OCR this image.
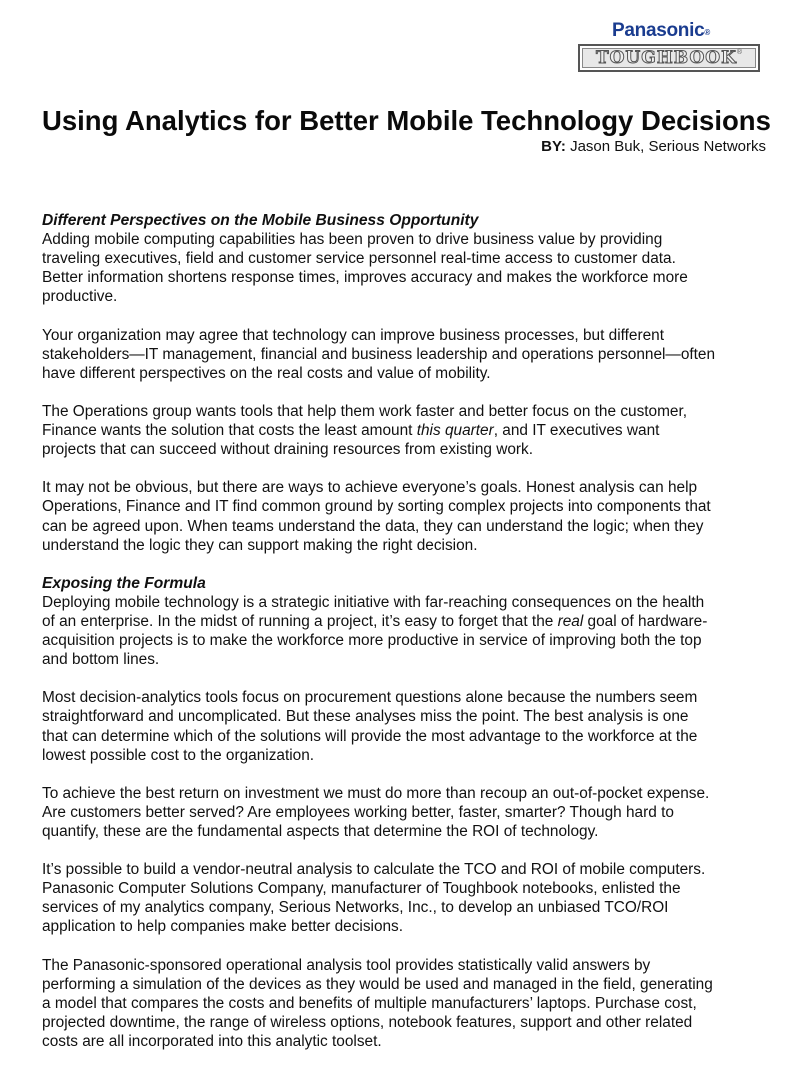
Panasonic®
TOUGHBOOK ®
Using Analytics for Better Mobile Technology Decisions
BY: Jason Buk, Serious Networks
Different Perspectives on the Mobile Business Opportunity

Adding mobile computing capabilities has been proven to drive business value by providing
traveling executives, field and customer service personnel real-time access to customer data.
Better information shortens response times, improves accuracy and makes the workforce more
productive.

Your organization may agree that technology can improve business processes, but different
stakeholders—IT management, financial and business leadership and operations personnel—often
have different perspectives on the real costs and value of mobility.

The Operations group wants tools that help them work faster and better focus on the customer,
Finance wants the solution that costs the least amount this quarter, and IT executives want
projects that can succeed without draining resources from existing work.

It may not be obvious, but there are ways to achieve everyone’s goals. Honest analysis can help
Operations, Finance and IT find common ground by sorting complex projects into components that
can be agreed upon. When teams understand the data, they can understand the logic; when they
understand the logic they can support making the right decision.

Exposing the Formula

Deploying mobile technology is a strategic initiative with far-reaching consequences on the health
of an enterprise. In the midst of running a project, it’s easy to forget that the real goal of hardware-
acquisition projects is to make the workforce more productive in service of improving both the top
and bottom lines.

Most decision-analytics tools focus on procurement questions alone because the numbers seem
straightforward and uncomplicated. But these analyses miss the point. The best analysis is one
that can determine which of the solutions will provide the most advantage to the workforce at the
lowest possible cost to the organization.

To achieve the best return on investment we must do more than recoup an out-of-pocket expense.
Are customers better served? Are employees working better, faster, smarter? Though hard to
quantify, these are the fundamental aspects that determine the ROI of technology.

It’s possible to build a vendor-neutral analysis to calculate the TCO and ROI of mobile computers.
Panasonic Computer Solutions Company, manufacturer of Toughbook notebooks, enlisted the
services of my analytics company, Serious Networks, Inc., to develop an unbiased TCO/ROI
application to help companies make better decisions.

The Panasonic-sponsored operational analysis tool provides statistically valid answers by
performing a simulation of the devices as they would be used and managed in the field, generating
a model that compares the costs and benefits of multiple manufacturers’ laptops. Purchase cost,
projected downtime, the range of wireless options, notebook features, support and other related
costs are all incorporated into this analytic toolset.
